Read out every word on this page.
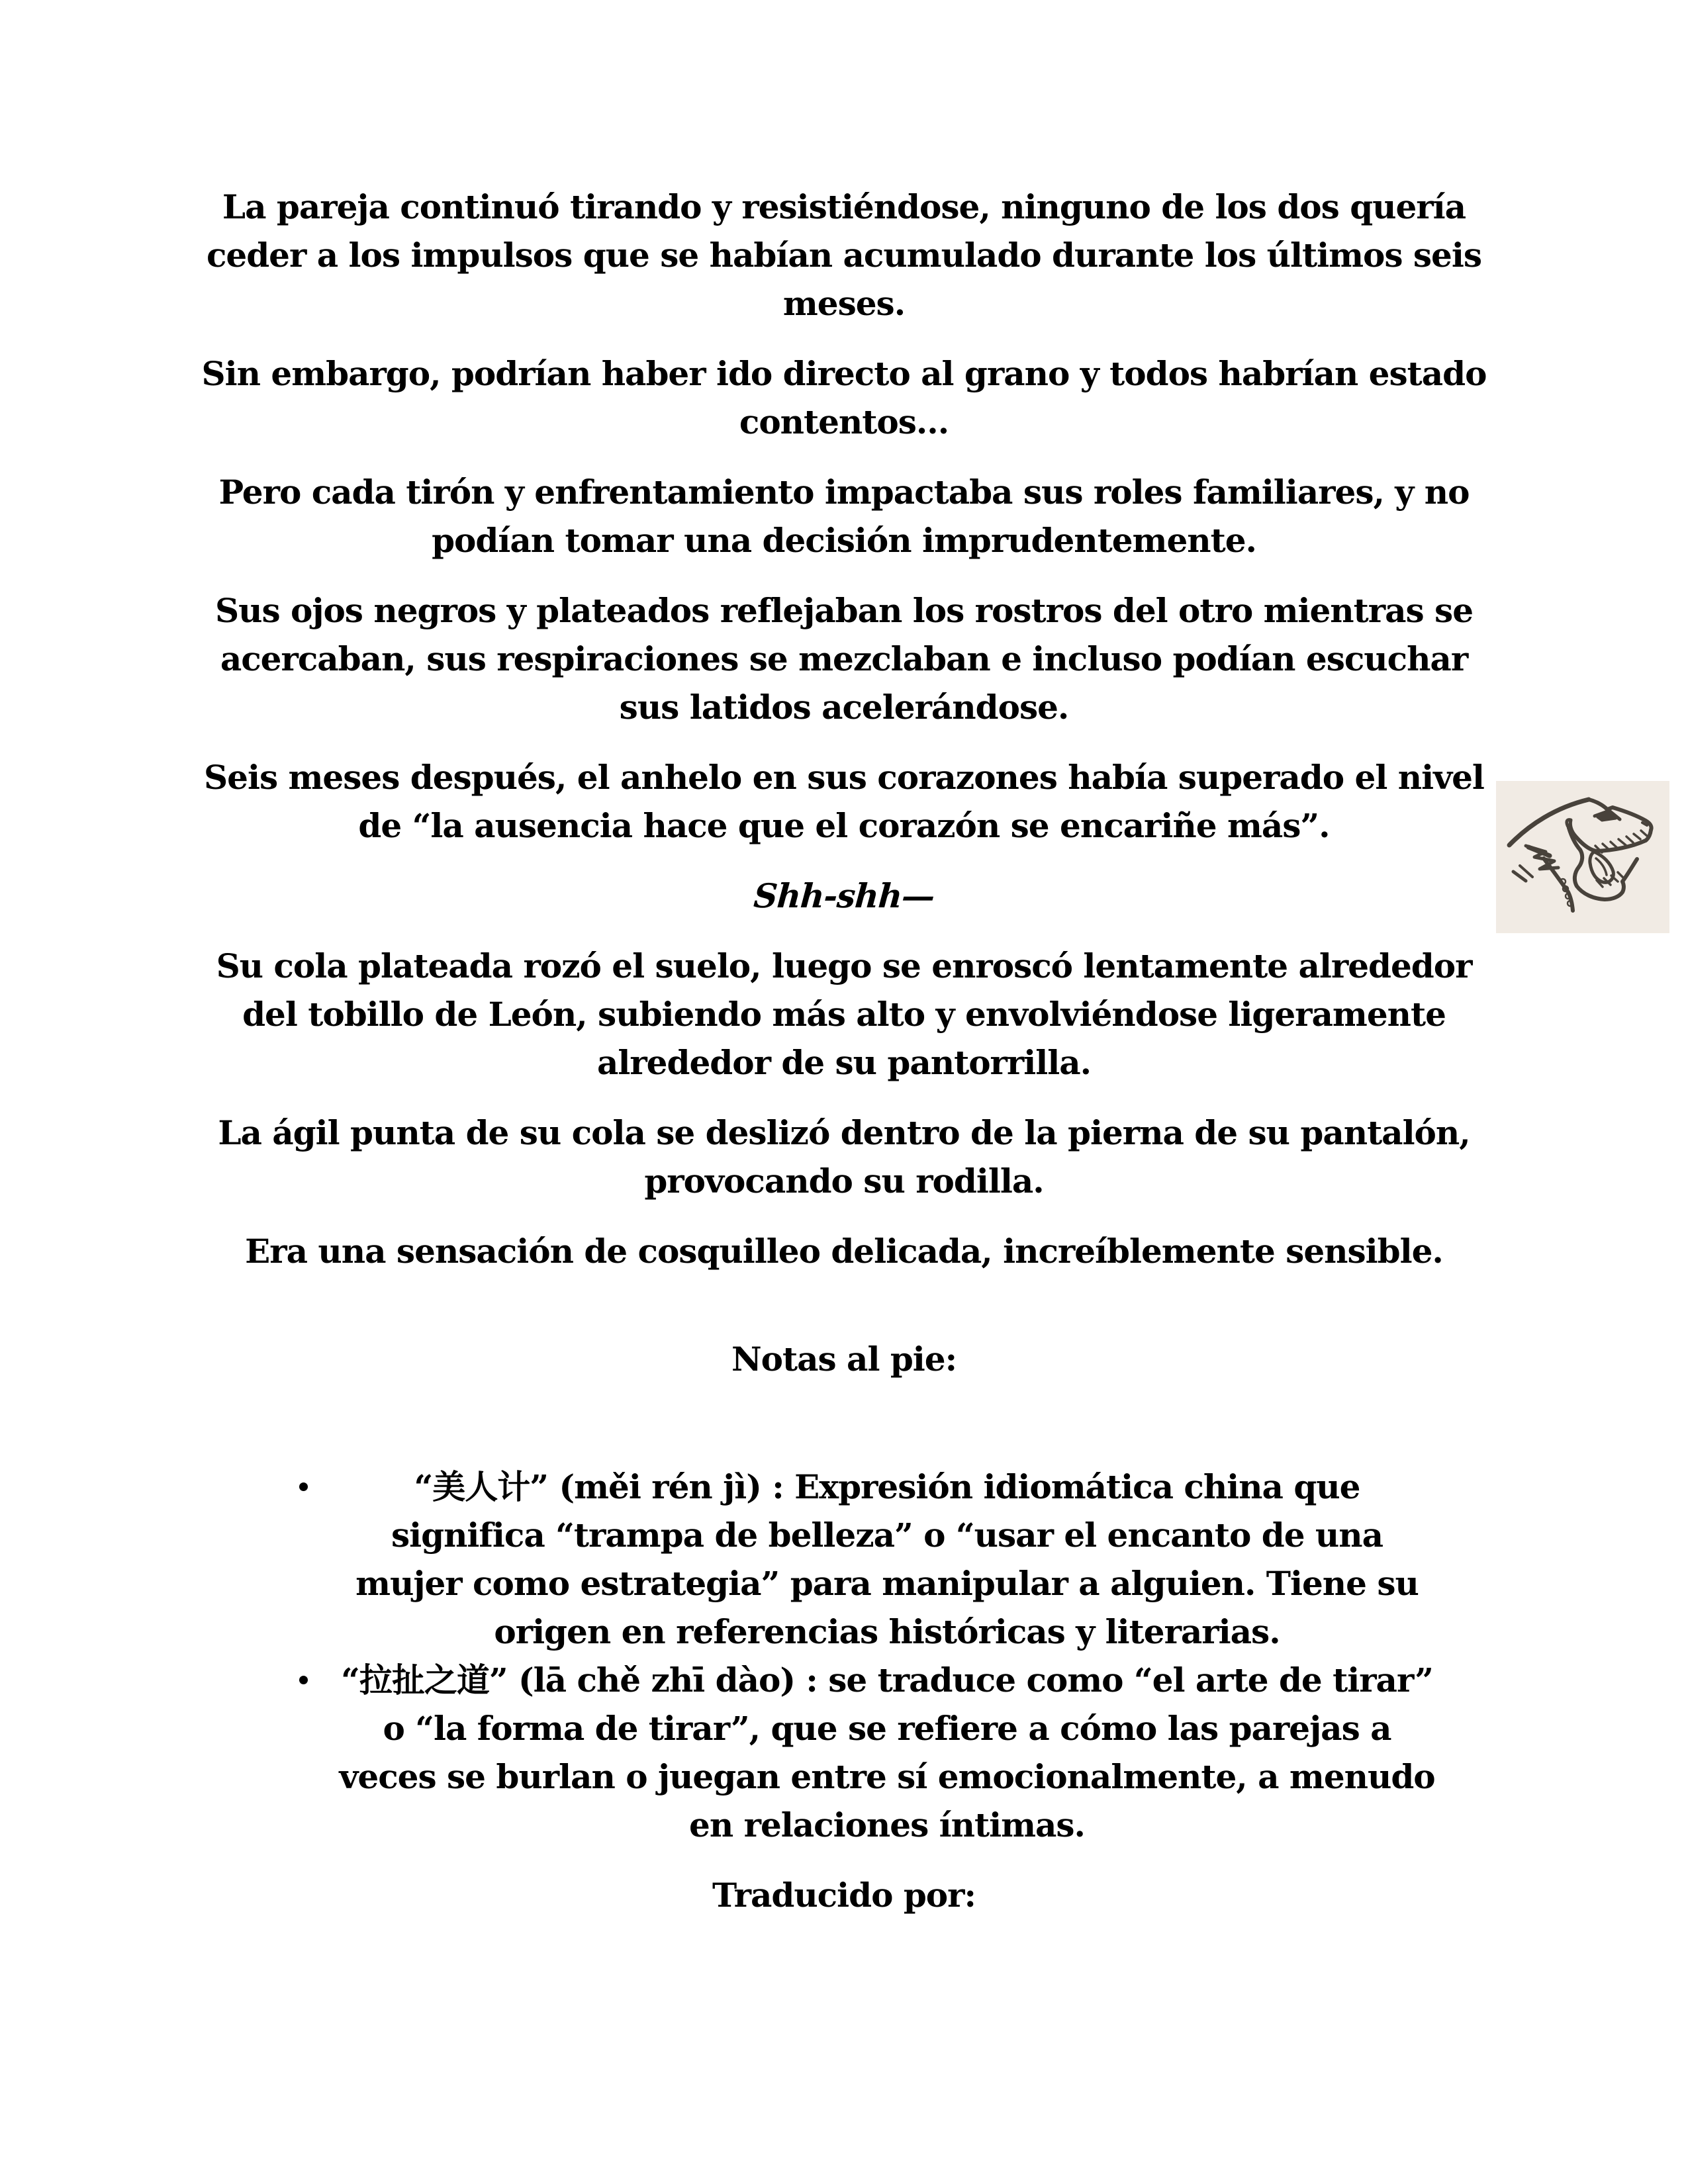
La pareja continuó tirando y resistiéndose, ninguno de los dos quería ceder a los impulsos que se habían acumulado durante los últimos seis meses.

Sin embargo, podrían haber ido directo al grano y todos habrían estado contentos...

Pero cada tirón y enfrentamiento impactaba sus roles familiares, y no podían tomar una decisión imprudentemente.

Sus ojos negros y plateados reflejaban los rostros del otro mientras se acercaban, sus respiraciones se mezclaban e incluso podían escuchar sus latidos acelerándose.

Seis meses después, el anhelo en sus corazones había superado el nivel de “la ausencia hace que el corazón se encariñe más”.

Shh-shh—

Su cola plateada rozó el suelo, luego se enroscó lentamente alrededor del tobillo de León, subiendo más alto y envolviéndose ligeramente alrededor de su pantorrilla.

La ágil punta de su cola se deslizó dentro de la pierna de su pantalón, provocando su rodilla.

Era una sensación de cosquilleo delicada, increíblemente sensible.

Notas al pie:

“美人计” (měi rén jì) : Expresión idiomática china que significa “trampa de belleza” o “usar el encanto de una mujer como estrategia” para manipular a alguien. Tiene su origen en referencias históricas y literarias.
“拉扯之道” (lā chě zhī dào) : se traduce como “el arte de tirar” o “la forma de tirar”, que se refiere a cómo las parejas a veces se burlan o juegan entre sí emocionalmente, a menudo en relaciones íntimas.

Traducido por:
